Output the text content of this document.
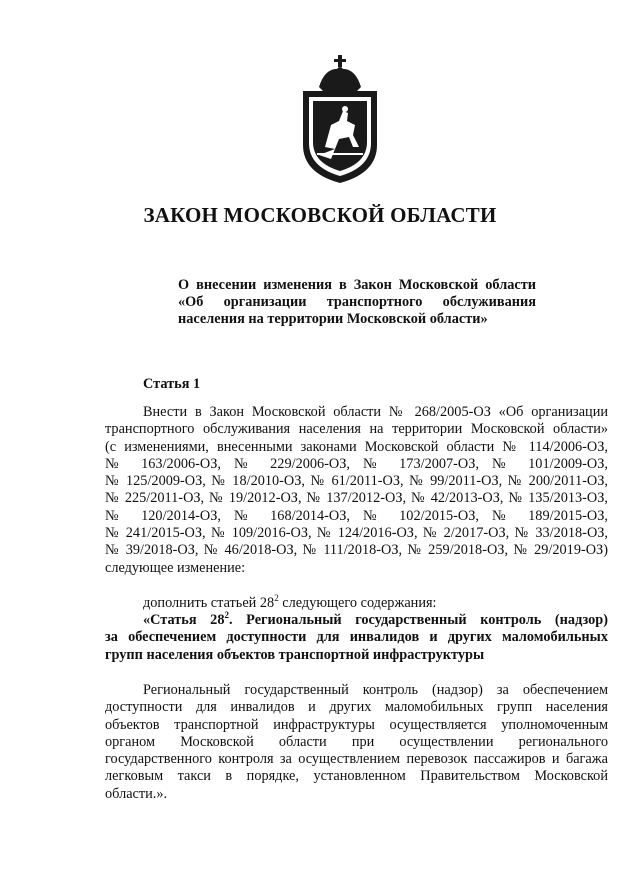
ЗАКОН МОСКОВСКОЙ ОБЛАСТИ
О внесении изменения в Закон Московской области
«Об организации транспортного обслуживания
населения на территории Московской области»
Статья 1
Внести в Закон Московской области № 268/2005-ОЗ «Об организации
транспортного обслуживания населения на территории Московской области»
(с изменениями, внесенными законами Московской области № 114/2006-ОЗ,
№ 163/2006-ОЗ, № 229/2006-ОЗ, № 173/2007-ОЗ, № 101/2009-ОЗ,
№ 125/2009-ОЗ, № 18/2010-ОЗ, № 61/2011-ОЗ, № 99/2011-ОЗ, № 200/2011-ОЗ,
№ 225/2011-ОЗ, № 19/2012-ОЗ, № 137/2012-ОЗ, № 42/2013-ОЗ, № 135/2013-ОЗ,
№ 120/2014-ОЗ, № 168/2014-ОЗ, № 102/2015-ОЗ, № 189/2015-ОЗ,
№ 241/2015-ОЗ, № 109/2016-ОЗ, № 124/2016-ОЗ, № 2/2017-ОЗ, № 33/2018-ОЗ,
№ 39/2018-ОЗ, № 46/2018-ОЗ, № 111/2018-ОЗ, № 259/2018-ОЗ, № 29/2019-ОЗ)
следующее изменение:
дополнить статьей $28^2$ следующего содержания:
«Статья $28^2$. Региональный государственный контроль (надзор)
за обеспечением доступности для инвалидов и других маломобильных
групп населения объектов транспортной инфраструктуры
Региональный государственный контроль (надзор) за обеспечением
доступности для инвалидов и других маломобильных групп населения
объектов транспортной инфраструктуры осуществляется уполномоченным
органом Московской области при осуществлении регионального
государственного контроля за осуществлением перевозок пассажиров и багажа
легковым такси в порядке, установленном Правительством Московской
области.».
